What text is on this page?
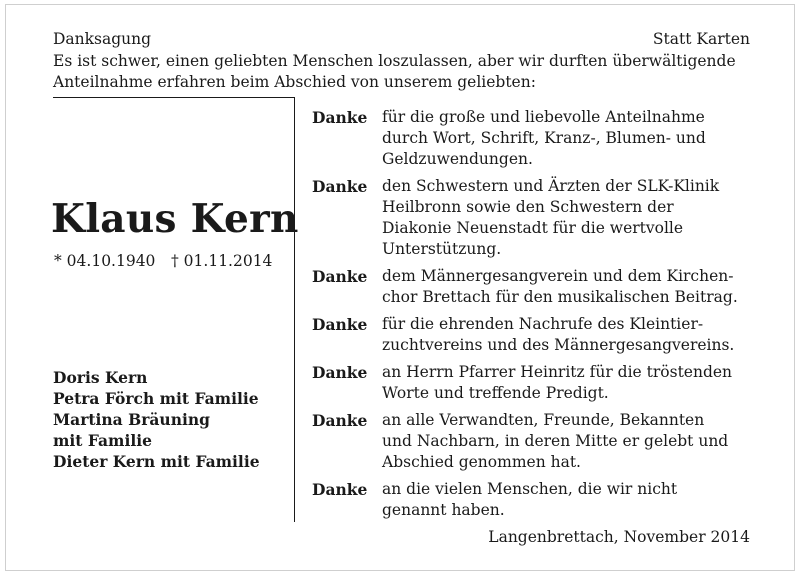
Danksagung	Statt Karten
Es ist schwer, einen geliebten Menschen loszulassen, aber wir durften überwältigende
Anteilnahme erfahren beim Abschied von unserem geliebten:
Klaus Kern
* 04.10.1940 † 01.11.2014
Doris Kern
Petra Förch mit Familie
Martina Bräuning
mit Familie
Dieter Kern mit Familie
Danke für die große und liebevolle Anteilnahme
durch Wort, Schrift, Kranz-, Blumen- und
Geldzuwendungen.
Danke den Schwestern und Ärzten der SLK-Klinik
Heilbronn sowie den Schwestern der
Diakonie Neuenstadt für die wertvolle
Unterstützung.
Danke dem Männergesangverein und dem Kirchen-
chor Brettach für den musikalischen Beitrag.
Danke für die ehrenden Nachrufe des Kleintier-
zuchtvereins und des Männergesangvereins.
Danke an Herrn Pfarrer Heinritz für die tröstenden
Worte und treffende Predigt.
Danke an alle Verwandten, Freunde, Bekannten
und Nachbarn, in deren Mitte er gelebt und
Abschied genommen hat.
Danke an die vielen Menschen, die wir nicht
genannt haben.
Langenbrettach, November 2014
